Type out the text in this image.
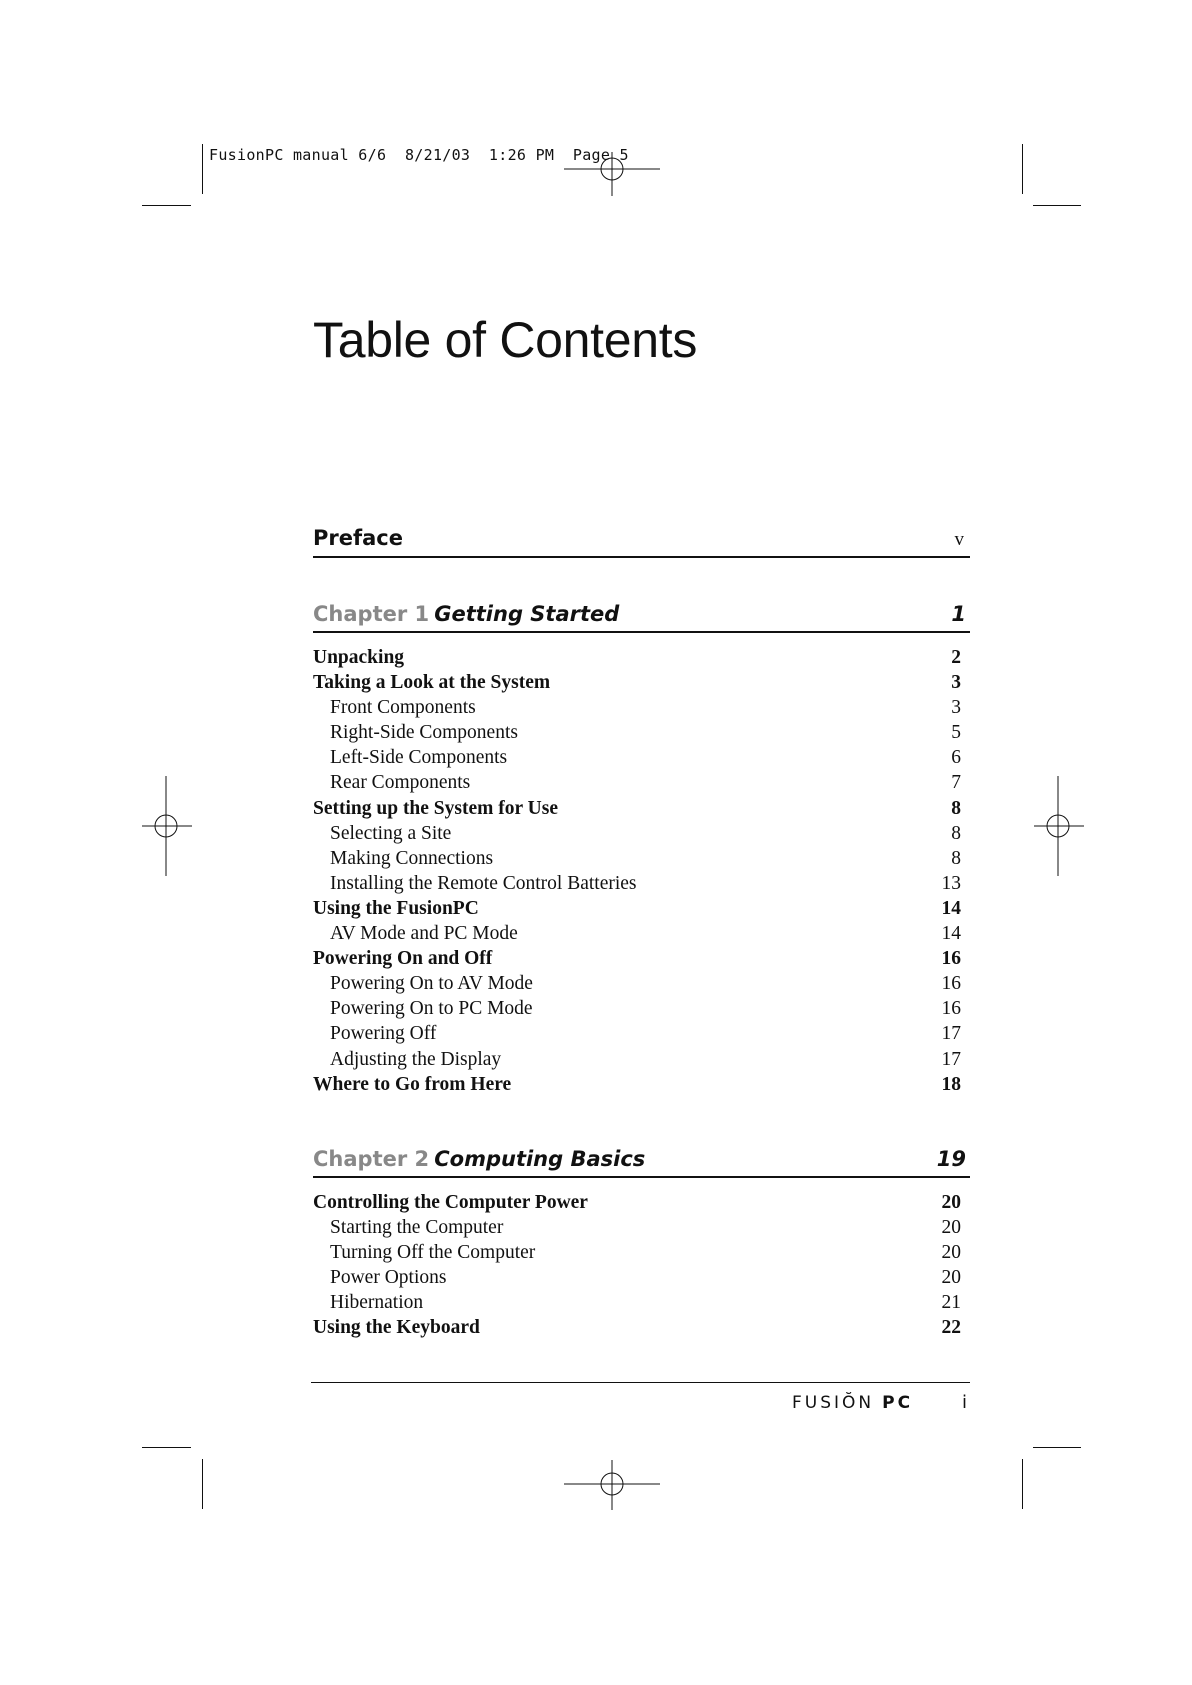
FusionPC manual 6/6  8/21/03  1:26 PM  Page 5
Table of Contents
Preface	v
Chapter 1 Getting Started	1
Unpacking	2
Taking a Look at the System	3
Front Components	3
Right-Side Components	5
Left-Side Components	6
Rear Components	7
Setting up the System for Use	8
Selecting a Site	8
Making Connections	8
Installing the Remote Control Batteries	13
Using the FusionPC	14
AV Mode and PC Mode	14
Powering On and Off	16
Powering On to AV Mode	16
Powering On to PC Mode	16
Powering Off	17
Adjusting the Display	17
Where to Go from Here	18
Chapter 2 Computing Basics	19
Controlling the Computer Power	20
Starting the Computer	20
Turning Off the Computer	20
Power Options	20
Hibernation	21
Using the Keyboard	22
FUSIŎN PC	i
